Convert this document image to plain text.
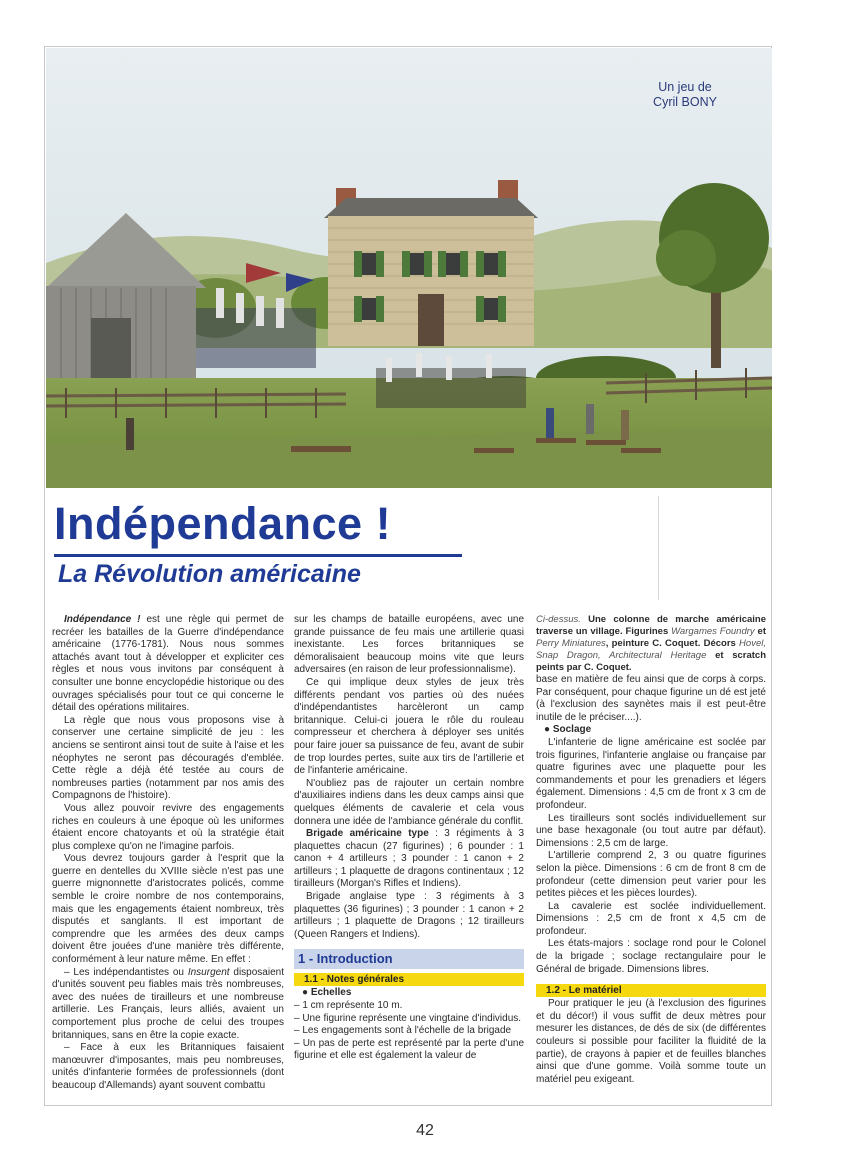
Indépendance !
La Révolution américaine
Un jeu de
Cyril BONY

Indépendance ! est une règle qui permet de recréer les batailles de la Guerre d'indépendance américaine (1776-1781). Nous nous sommes attachés avant tout à développer et expliciter ces règles et nous vous invitons par conséquent à consulter une bonne encyclopédie historique ou des ouvrages spécialisés pour tout ce qui concerne le détail des opérations militaires.

La règle que nous vous proposons vise à conserver une certaine simplicité de jeu : les anciens se sentiront ainsi tout de suite à l'aise et les néophytes ne seront pas découragés d'emblée. Cette règle a déjà été testée au cours de nombreuses parties (notamment par nos amis des Compagnons de l'histoire).

Vous allez pouvoir revivre des engagements riches en couleurs à une époque où les uniformes étaient encore chatoyants et où la stratégie était plus complexe qu'on ne l'imagine parfois.

Vous devrez toujours garder à l'esprit que la guerre en dentelles du XVIIIe siècle n'est pas une guerre mignonnette d'aristocrates policés, comme semble le croire nombre de nos contemporains, mais que les engagements étaient nombreux, très disputés et sanglants. Il est important de comprendre que les armées des deux camps doivent être jouées d'une manière très différente, conformément à leur nature même. En effet :

– Les indépendantistes ou Insurgent disposaient d'unités souvent peu fiables mais très nombreuses, avec des nuées de tirailleurs et une nombreuse artillerie. Les Français, leurs alliés, avaient un comportement plus proche de celui des troupes britanniques, sans en être la copie exacte.

– Face à eux les Britanniques faisaient manœuvrer d'imposantes, mais peu nombreuses, unités d'infanterie formées de professionnels (dont beaucoup d'Allemands) ayant souvent combattu

sur les champs de bataille européens, avec une grande puissance de feu mais une artillerie quasi inexistante. Les forces britanniques se démoralisaient beaucoup moins vite que leurs adversaires (en raison de leur professionnalisme).

Ce qui implique deux styles de jeux très différents pendant vos parties où des nuées d'indépendantistes harcèleront un camp britannique. Celui-ci jouera le rôle du rouleau compresseur et cherchera à déployer ses unités pour faire jouer sa puissance de feu, avant de subir de trop lourdes pertes, suite aux tirs de l'artillerie et de l'infanterie américaine.

N'oubliez pas de rajouter un certain nombre d'auxiliaires indiens dans les deux camps ainsi que quelques éléments de cavalerie et cela vous donnera une idée de l'ambiance générale du conflit.

Brigade américaine type : 3 régiments à 3 plaquettes chacun (27 figurines) ; 6 pounder : 1 canon + 4 artilleurs ; 3 pounder : 1 canon + 2 artilleurs ; 1 plaquette de dragons continentaux ; 12 tirailleurs (Morgan's Rifles et Indiens).

Brigade anglaise type : 3 régiments à 3 plaquettes (36 figurines) ; 3 pounder : 1 canon + 2 artilleurs ; 1 plaquette de Dragons ; 12 tirailleurs (Queen Rangers et Indiens).

1 - Introduction
1.1 - Notes générales
● Echelles

– 1 cm représente 10 m.

– Une figurine représente une vingtaine d'individus.

– Les engagements sont à l'échelle de la brigade

– Un pas de perte est représenté par la perte d'une figurine et elle est également la valeur de

Ci-dessus. Une colonne de marche américaine traverse un village. Figurines Wargames Foundry et Perry Miniatures, peinture C. Coquet. Décors Hovel, Snap Dragon, Architectural Heritage et scratch peints par C. Coquet.

base en matière de feu ainsi que de corps à corps. Par conséquent, pour chaque figurine un dé est jeté (à l'exclusion des saynètes mais il est peut-être inutile de le préciser....).

● Soclage

L'infanterie de ligne américaine est soclée par trois figurines, l'infanterie anglaise ou française par quatre figurines avec une plaquette pour les commandements et pour les grenadiers et légers également. Dimensions : 4,5 cm de front x 3 cm de profondeur.

Les tirailleurs sont soclés individuellement sur une base hexagonale (ou tout autre par défaut). Dimensions : 2,5 cm de large.

L'artillerie comprend 2, 3 ou quatre figurines selon la pièce. Dimensions : 6 cm de front 8 cm de profondeur (cette dimension peut varier pour les petites pièces et les pièces lourdes).

La cavalerie est soclée individuellement. Dimensions : 2,5 cm de front x 4,5 cm de profondeur.

Les états-majors : soclage rond pour le Colonel de la brigade ; soclage rectangulaire pour le Général de brigade. Dimensions libres.

1.2 - Le matériel

Pour pratiquer le jeu (à l'exclusion des figurines et du décor!) il vous suffit de deux mètres pour mesurer les distances, de dés de six (de différentes couleurs si possible pour faciliter la fluidité de la partie), de crayons à papier et de feuilles blanches ainsi que d'une gomme. Voilà somme toute un matériel peu exigeant.

42
